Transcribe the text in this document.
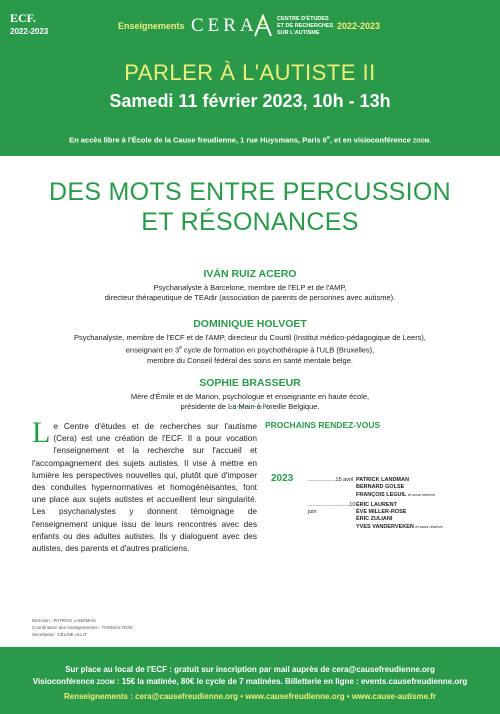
ECF.
2022-2023
Enseignements CERA	CENTRE D'ÉTUDES
ET DE RECHERCHES
SUR L'AUTISME
2022-2023
PARLER À L'AUTISTE II
Samedi 11 février 2023, 10h - 13h
En accès libre à l'École de la Cause freudienne, 1 rue Huysmans, Paris 6e, et en visioconférence ZOOM.
DES MOTS ENTRE PERCUSSION
ET RÉSONANCES
IVÁN RUIZ ACERO
Psychanalyste à Barcelone, membre de l'ELP et de l'AMP,
directeur thérapeutique de TEAdir (association de parents de personnes avec autisme).
DOMINIQUE HOLVOET
Psychanalyste, membre de l'ECF et de l'AMP, directeur du Courtil (Institut médico-pédagogique de Leers),
enseignant en 3e cycle de formation en psychothérapie à l'ULB (Bruxelles),
membre du Conseil fédéral des soins en santé mentale belge.
SOPHIE BRASSEUR
Mère d'Émile et de Marion, psychologue et enseignante en haute école,
présidente de La Main à l'oreille Belgique.
Le Centre d'études et de recherches sur l'autisme (Cera) est une création de l'ECF. Il a pour vocation l'enseignement et la recherche sur l'accueil et l'accompagnement des sujets autistes. Il vise à mettre en lumière les perspectives nouvelles qui, plutôt que d'imposer des conduites hypernormatives et homogénéisantes, font une place aux sujets autistes et accueillent leur singularité. Les psychanalystes y donnent témoignage de l'enseignement unique issu de leurs rencontres avec des enfants ou des adultes autistes. Ils y dialoguent avec des autistes, des parents et d'autres praticiens.
Direction : PATRICK LANDMAN
Coordination des enseignements : THOMAS ROÏC
Secrétariat : CÉLINE ALLIT
PROCHAINS RENDEZ-VOUS
2023	..................15 avril PATRICK LANDMAN
BERNARD GOLSE
FRANÇOIS LEGUIL et sous réserve
...........................10 juin
ÉRIC LAURENT
ÈVE MILLER-ROSE
ÉRIC ZULIANI
YVES VANDERVEKEN et sous réserve
Sur place au local de l'ECF : gratuit sur inscription par mail auprès de cera@causefreudienne.org
Visioconférence ZOOM : 15€ la matinée, 80€ le cycle de 7 matinées. Billetterie en ligne : events.causefreudienne.org
Renseignements : cera@causefreudienne.org • www.causefreudienne.org • www.cause-autisme.fr
